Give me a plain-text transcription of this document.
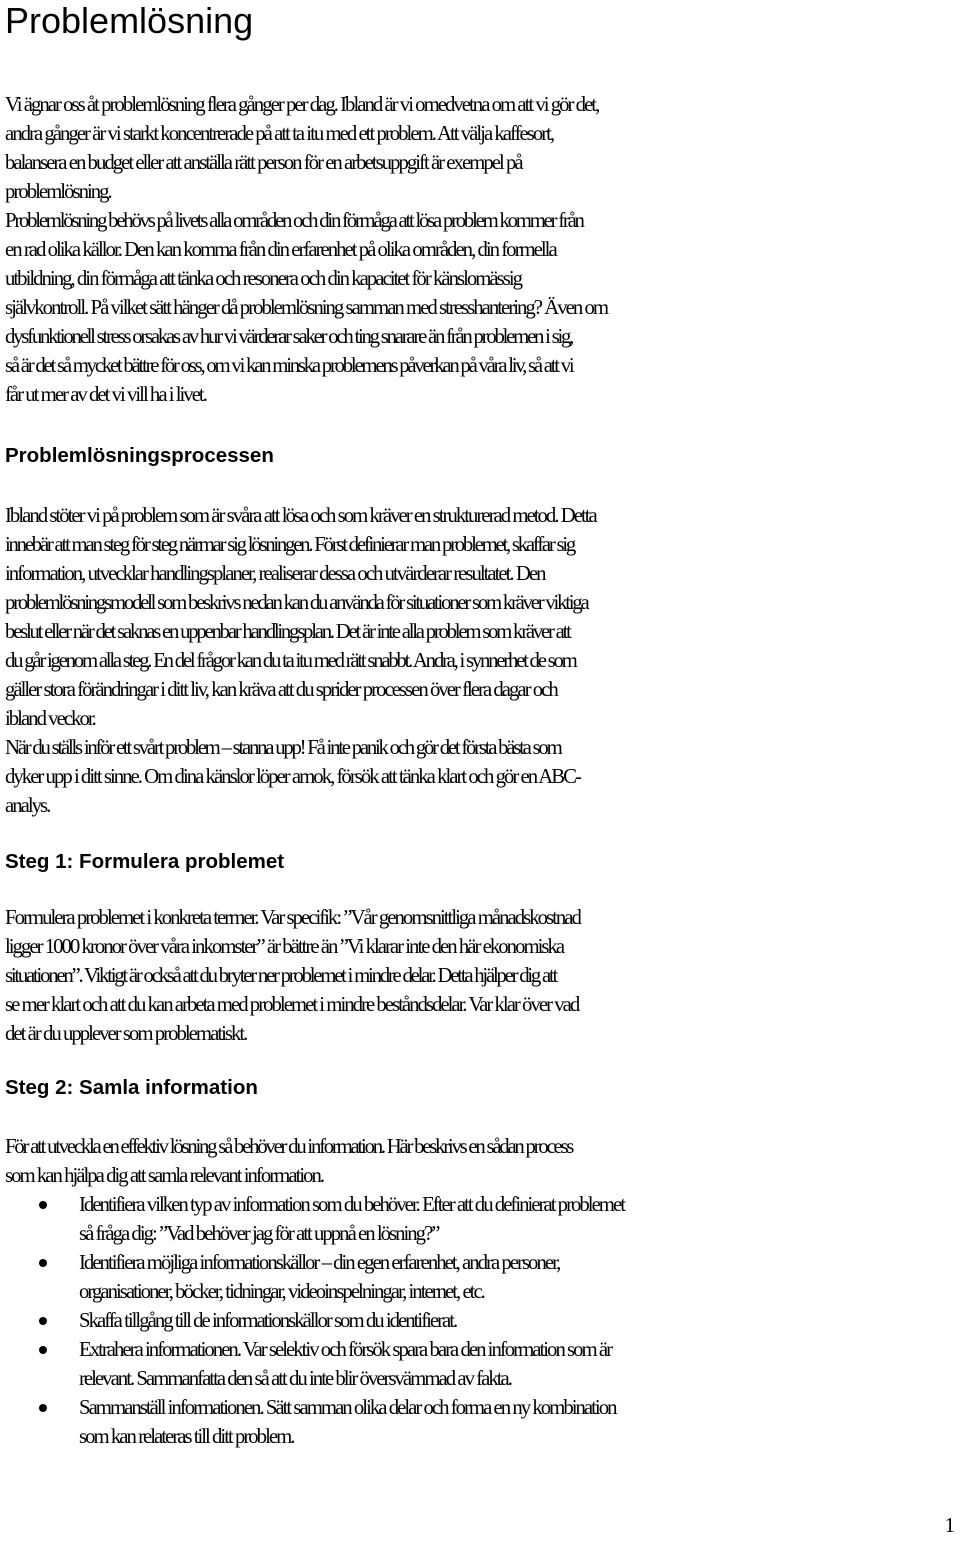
Problemlösning
Vi ägnar oss åt problemlösning flera gånger per dag. Ibland är vi omedvetna om att vi gör det,
andra gånger är vi starkt koncentrerade på att ta itu med ett problem. Att välja kaffesort,
balansera en budget eller att anställa rätt person för en arbetsuppgift är exempel på
problemlösning.
Problemlösning behövs på livets alla områden och din förmåga att lösa problem kommer från
en rad olika källor. Den kan komma från din erfarenhet på olika områden, din formella
utbildning, din förmåga att tänka och resonera och din kapacitet för känslomässig
självkontroll. På vilket sätt hänger då problemlösning samman med stresshantering? Även om
dysfunktionell stress orsakas av hur vi värderar saker och ting snarare än från problemen i sig,
så är det så mycket bättre för oss, om vi kan minska problemens påverkan på våra liv, så att vi
får ut mer av det vi vill ha i livet.
Problemlösningsprocessen
Ibland stöter vi på problem som är svåra att lösa och som kräver en strukturerad metod. Detta
innebär att man steg för steg närmar sig lösningen. Först definierar man problemet, skaffar sig
information, utvecklar handlingsplaner, realiserar dessa och utvärderar resultatet. Den
problemlösningsmodell som beskrivs nedan kan du använda för situationer som kräver viktiga
beslut eller när det saknas en uppenbar handlingsplan. Det är inte alla problem som kräver att
du går igenom alla steg. En del frågor kan du ta itu med rätt snabbt. Andra, i synnerhet de som
gäller stora förändringar i ditt liv, kan kräva att du sprider processen över flera dagar och
ibland veckor.
När du ställs inför ett svårt problem – stanna upp! Få inte panik och gör det första bästa som
dyker upp i ditt sinne. Om dina känslor löper amok, försök att tänka klart och gör en ABC-
analys.
Steg 1: Formulera problemet
Formulera problemet i konkreta termer. Var specifik: ”Vår genomsnittliga månadskostnad
ligger 1000 kronor över våra inkomster” är bättre än ”Vi klarar inte den här ekonomiska
situationen”. Viktigt är också att du bryter ner problemet i mindre delar. Detta hjälper dig att
se mer klart och att du kan arbeta med problemet i mindre beståndsdelar. Var klar över vad
det är du upplever som problematiskt.
Steg 2: Samla information
För att utveckla en effektiv lösning så behöver du information. Här beskrivs en sådan process
som kan hjälpa dig att samla relevant information.
Identifiera vilken typ av information som du behöver. Efter att du definierat problemet
så fråga dig: ”Vad behöver jag för att uppnå en lösning?”
Identifiera möjliga informationskällor – din egen erfarenhet, andra personer,
organisationer, böcker, tidningar, videoinspelningar, internet, etc.
Skaffa tillgång till de informationskällor som du identifierat.
Extrahera informationen. Var selektiv och försök spara bara den information som är
relevant. Sammanfatta den så att du inte blir översvämmad av fakta.
Sammanställ informationen. Sätt samman olika delar och forma en ny kombination
som kan relateras till ditt problem.
1
